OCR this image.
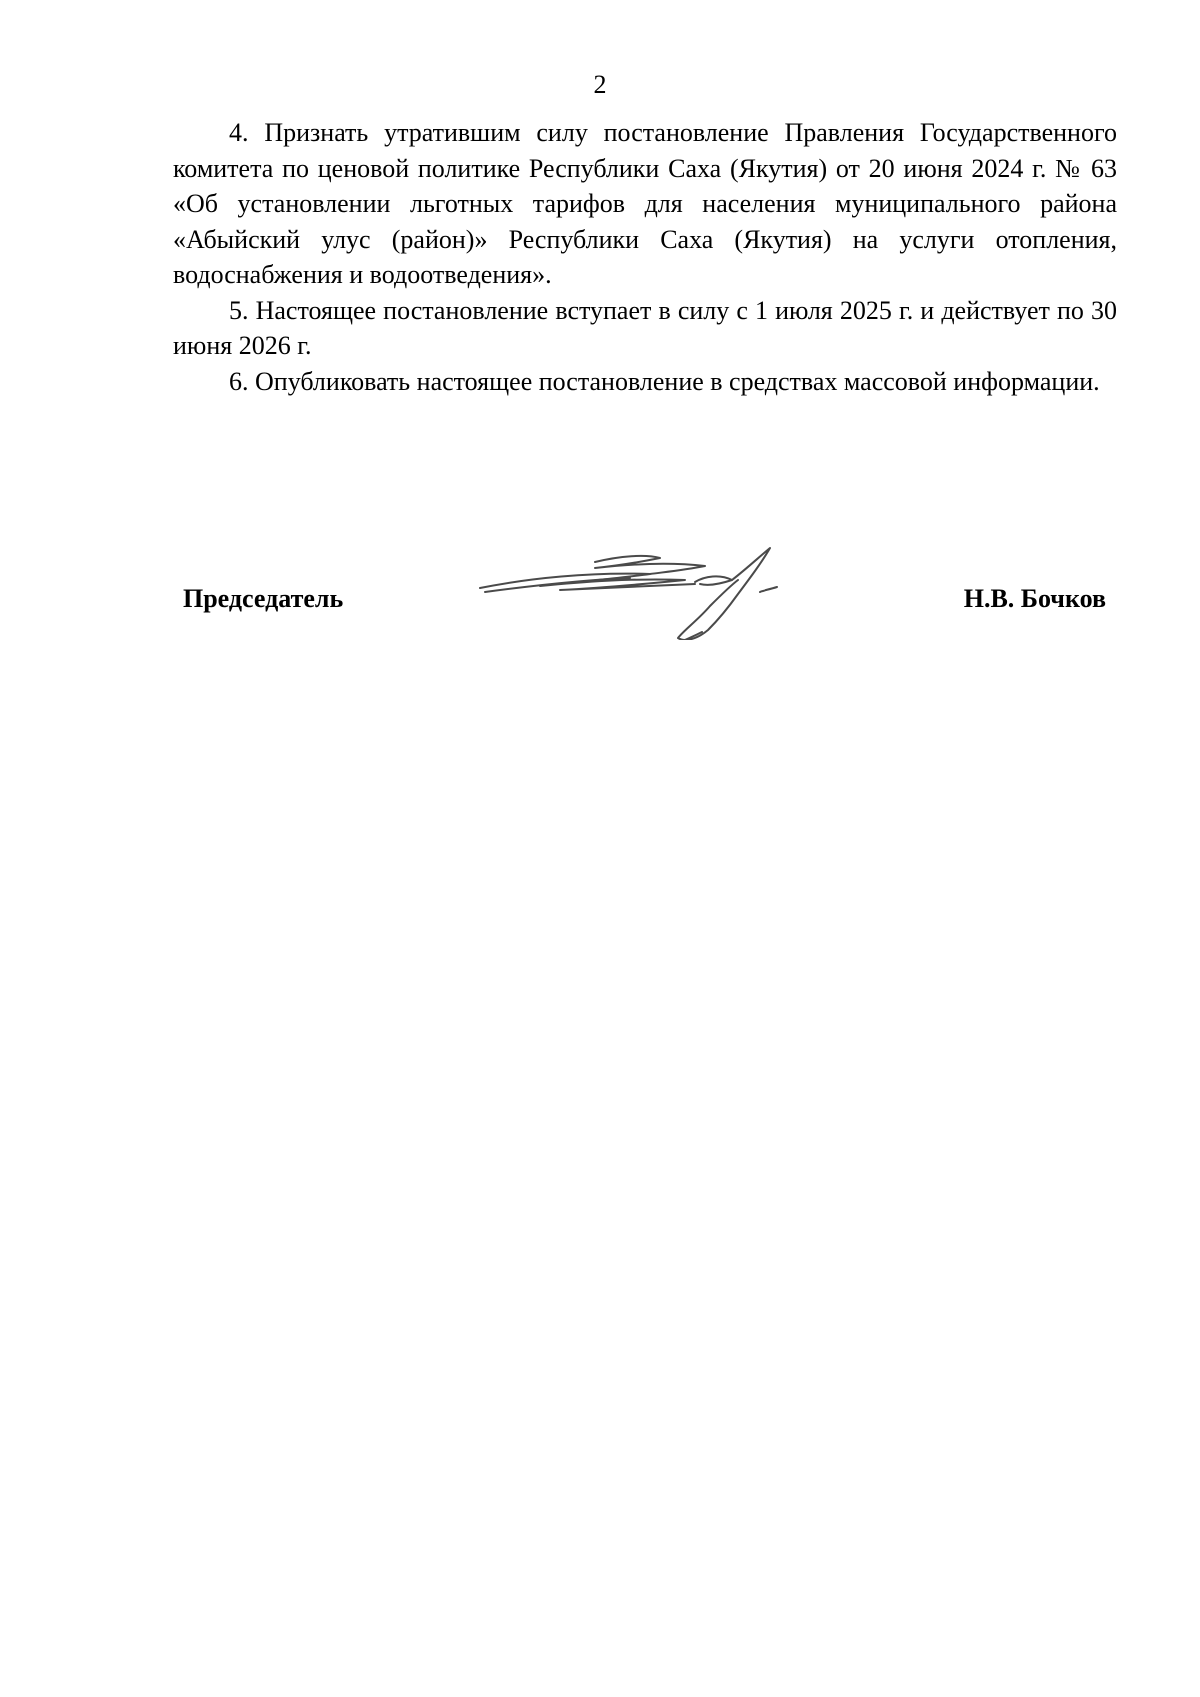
2

4. Признать утратившим силу постановление Правления Государственного комитета по ценовой политике Республики Саха (Якутия) от 20 июня 2024 г. № 63 «Об установлении льготных тарифов для населения муниципального района «Абыйский улус (район)» Республики Саха (Якутия) на услуги отопления, водоснабжения и водоотведения».

5. Настоящее постановление вступает в силу с 1 июля 2025 г. и действует по 30 июня 2026 г.

6. Опубликовать настоящее постановление в средствах массовой информации.

Председатель	Н.В. Бочков
